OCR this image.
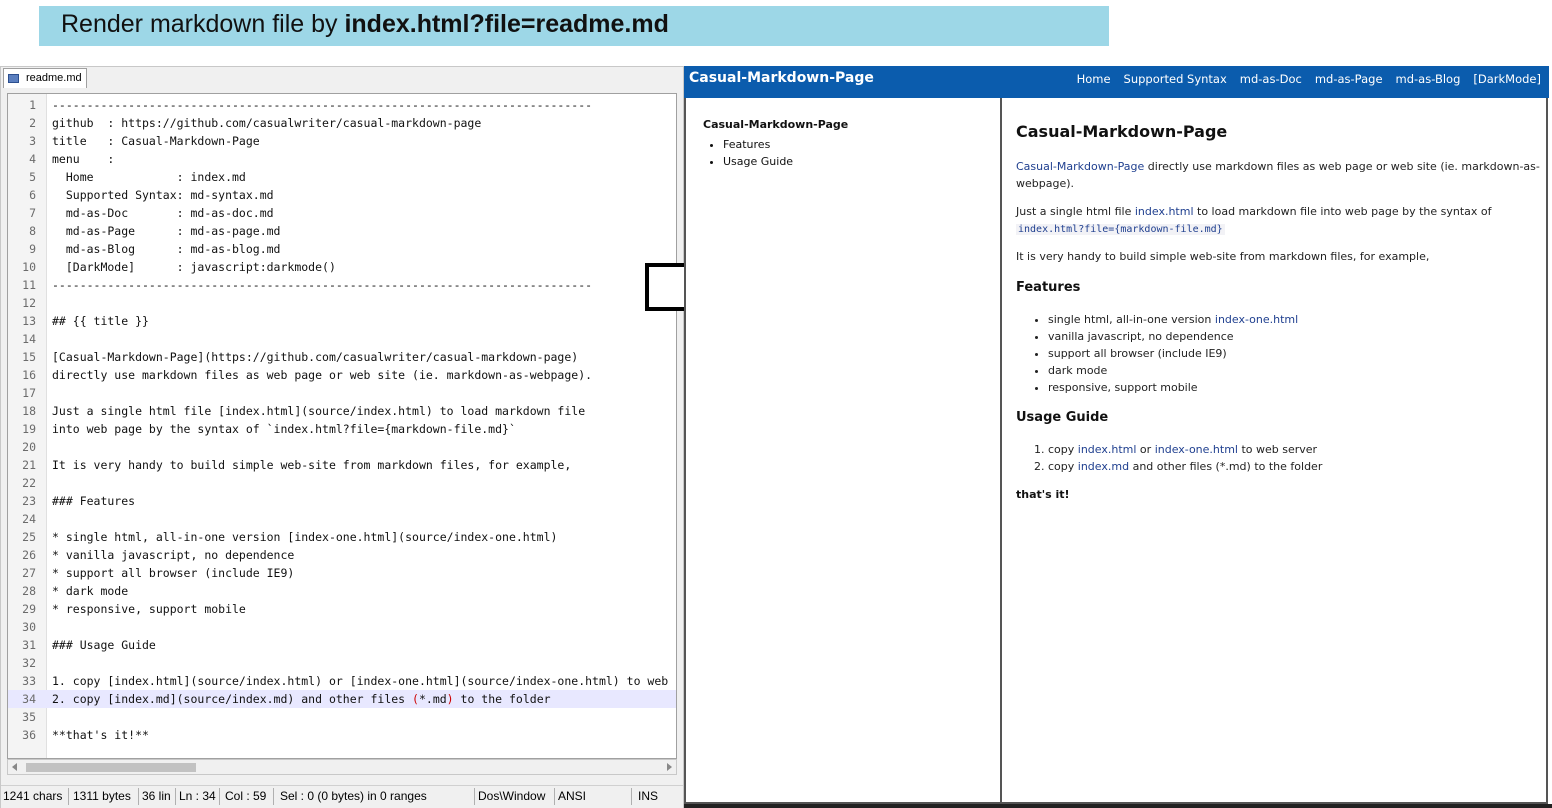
Render markdown file by index.html?file=readme.md
readme.md
1 ------------------------------------------------------------------------------
2 github  : https://github.com/casualwriter/casual-markdown-page
3 title   : Casual-Markdown-Page
4 menu    :
5 Home            : index.md
6 Supported Syntax: md-syntax.md
7 md-as-Doc       : md-as-doc.md
8 md-as-Page      : md-as-page.md
9 md-as-Blog      : md-as-blog.md
10 [DarkMode]      : javascript:darkmode()
11 ------------------------------------------------------------------------------
12
13 ## {{ title }}
14
15 [Casual-Markdown-Page](https://github.com/casualwriter/casual-markdown-page)
16 directly use markdown files as web page or web site (ie. markdown-as-webpage).
17
18 Just a single html file [index.html](source/index.html) to load markdown file
19 into web page by the syntax of `index.html?file={markdown-file.md}`
20
21 It is very handy to build simple web-site from markdown files, for example,
22
23 ### Features
24
25 * single html, all-in-one version [index-one.html](source/index-one.html)
26 * vanilla javascript, no dependence
27 * support all browser (include IE9)
28 * dark mode
29 * responsive, support mobile
30
31 ### Usage Guide
32
33 1. copy [index.html](source/index.html) or [index-one.html](source/index-one.html) to web
34 2. copy [index.md](source/index.md) and other files (*.md) to the folder
35
36 **that's it!**
1241 chars 1311 bytes 36 lin Ln : 34 Col : 59 Sel : 0 (0 bytes) in 0 ranges	Dos\Window ANSI	INS
Casual-Markdown-Page	Home Supported Syntax md-as-Doc md-as-Page md-as-Blog [DarkMode]
Casual-Markdown-Page
• Features
• Usage Guide
Casual-Markdown-Page
Casual-Markdown-Page directly use markdown files as web page or web site (ie. markdown-as-webpage).
Just a single html file index.html to load markdown file into web page by the syntax of index.html?file={markdown-file.md}
It is very handy to build simple web-site from markdown files, for example,
Features
• single html, all-in-one version index-one.html
• vanilla javascript, no dependence
• support all browser (include IE9)
• dark mode
• responsive, support mobile
Usage Guide
1. copy index.html or index-one.html to web server
2. copy index.md and other files (*.md) to the folder
that's it!
